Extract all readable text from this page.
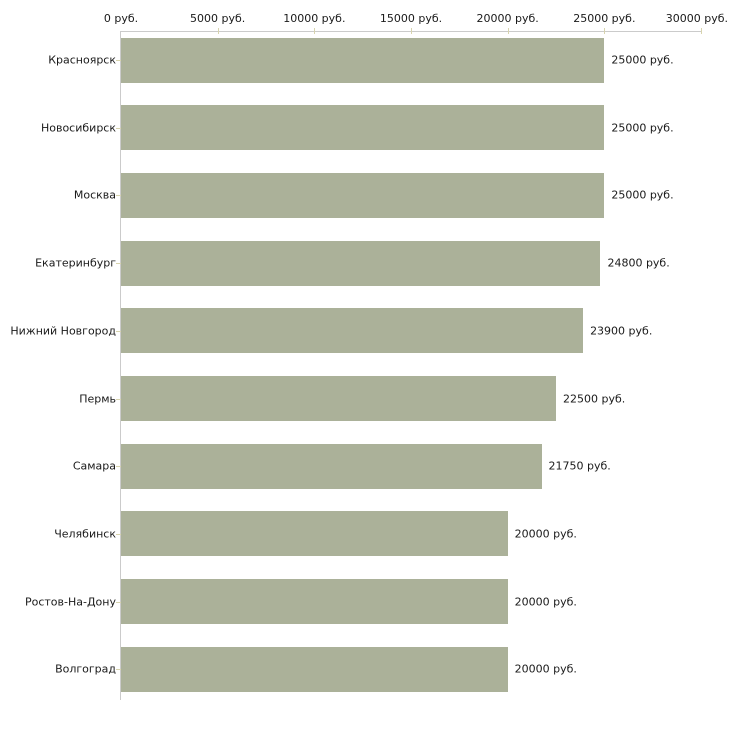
0 руб.	5000 руб.	10000 руб.	15000 руб.	20000 руб.	25000 руб.	30000 руб.
Красноярск	25000 руб.
Новосибирск	25000 руб.
Москва	25000 руб.
Екатеринбург	24800 руб.
Нижний Новгород	23900 руб.
Пермь	22500 руб.
Самара	21750 руб.
Челябинск	20000 руб.
Ростов-На-Дону	20000 руб.
Волгоград	20000 руб.
